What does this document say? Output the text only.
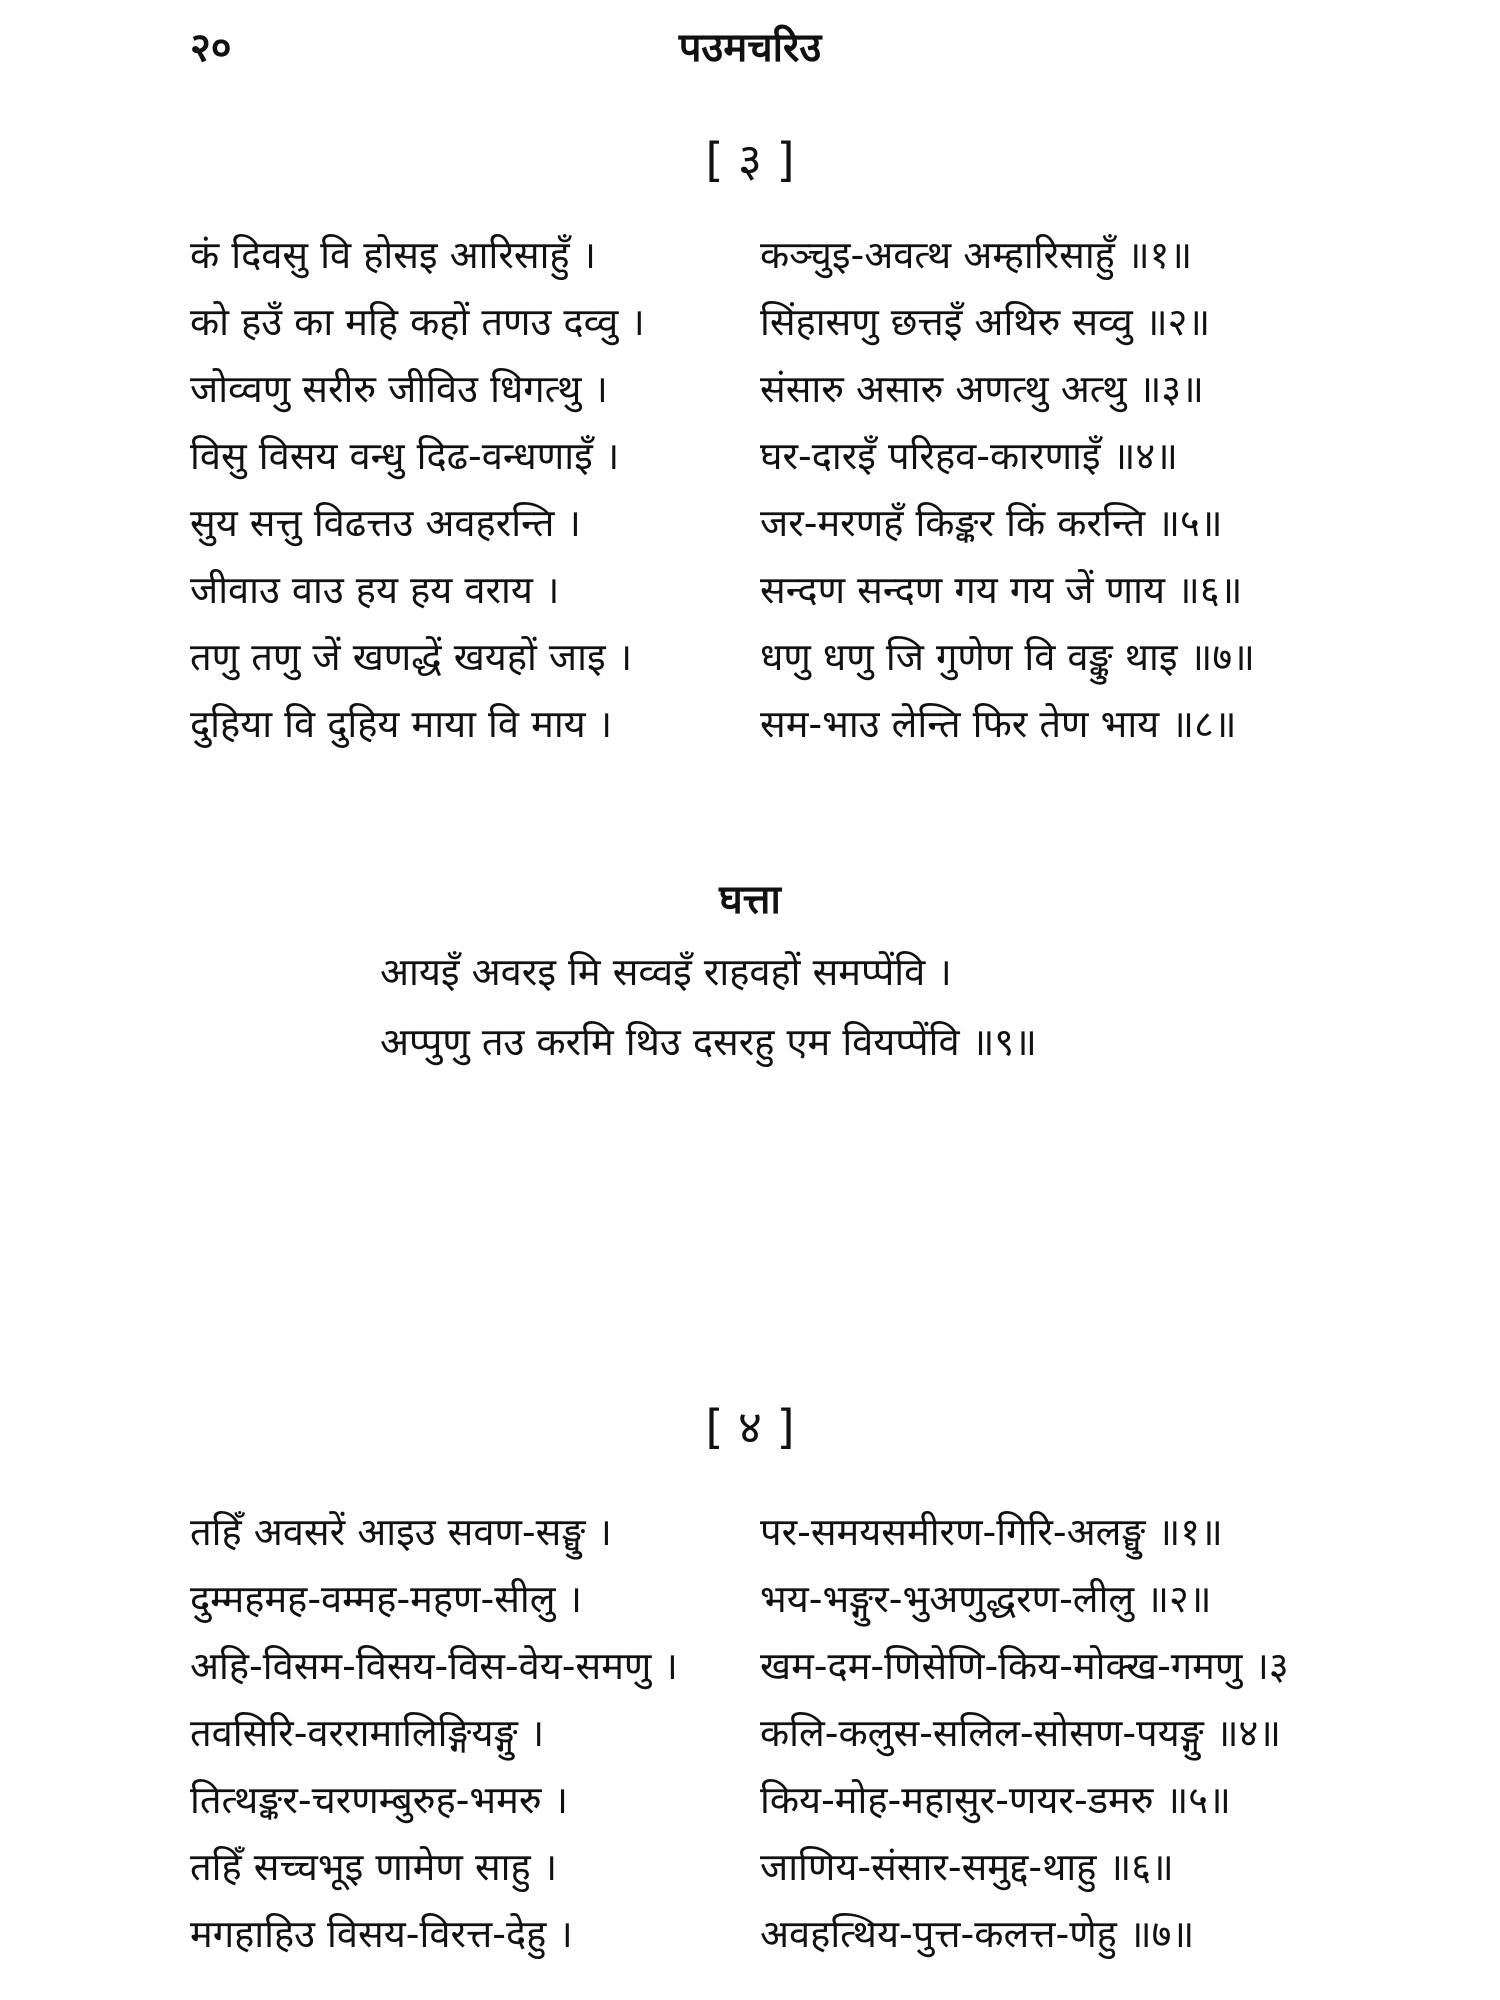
२०	पउमचरिउ
[ ३ ]
कं दिवसु वि होसइ आरिसाहुँ ।	कञ्चुइ-अवत्थ अम्हारिसाहुँ ॥१॥
को हउँ का महि कहों तणउ दव्वु ।	सिंहासणु छत्तइँ अथिरु सव्वु ॥२॥
जोव्वणु सरीरु जीविउ धिगत्थु ।	संसारु असारु अणत्थु अत्थु ॥३॥
विसु विसय वन्धु दिढ-वन्धणाइँ ।	घर-दारइँ परिहव-कारणाइँ ॥४॥
सुय सत्तु विढत्तउ अवहरन्ति ।	जर-मरणहँ किङ्कर किं करन्ति ॥५॥
जीवाउ वाउ हय हय वराय ।	सन्दण सन्दण गय गय जें णाय ॥६॥
तणु तणु जें खणद्धें खयहों जाइ ।	धणु धणु जि गुणेण वि वङ्कु थाइ ॥७॥
दुहिया वि दुहिय माया वि माय ।	सम-भाउ लेन्ति फिर तेण भाय ॥८॥
घत्ता
आयइँ अवरइ मि सव्वइँ राहवहों समप्पेंवि ।
अप्पुणु तउ करमि थिउ दसरहु एम वियप्पेंवि ॥९॥
[ ४ ]
तहिँ अवसरें आइउ सवण-सङ्घु ।	पर-समयसमीरण-गिरि-अलङ्घु ॥१॥
दुम्महमह-वम्मह-महण-सीलु ।	भय-भङ्गुर-भुअणुद्धरण-लीलु ॥२॥
अहि-विसम-विसय-विस-वेय-समणु । खम-दम-णिसेणि-किय-मोक्ख-गमणु ।३
तवसिरि-वररामालिङ्गियङ्गु ।	कलि-कलुस-सलिल-सोसण-पयङ्गु ॥४॥
तित्थङ्कर-चरणम्बुरुह-भमरु ।	किय-मोह-महासुर-णयर-डमरु ॥५॥
तहिँ सच्चभूइ णामेण साहु ।	जाणिय-संसार-समुद्द-थाहु ॥६॥
मगहाहिउ विसय-विरत्त-देहु ।	अवहत्थिय-पुत्त-कलत्त-णेहु ॥७॥
